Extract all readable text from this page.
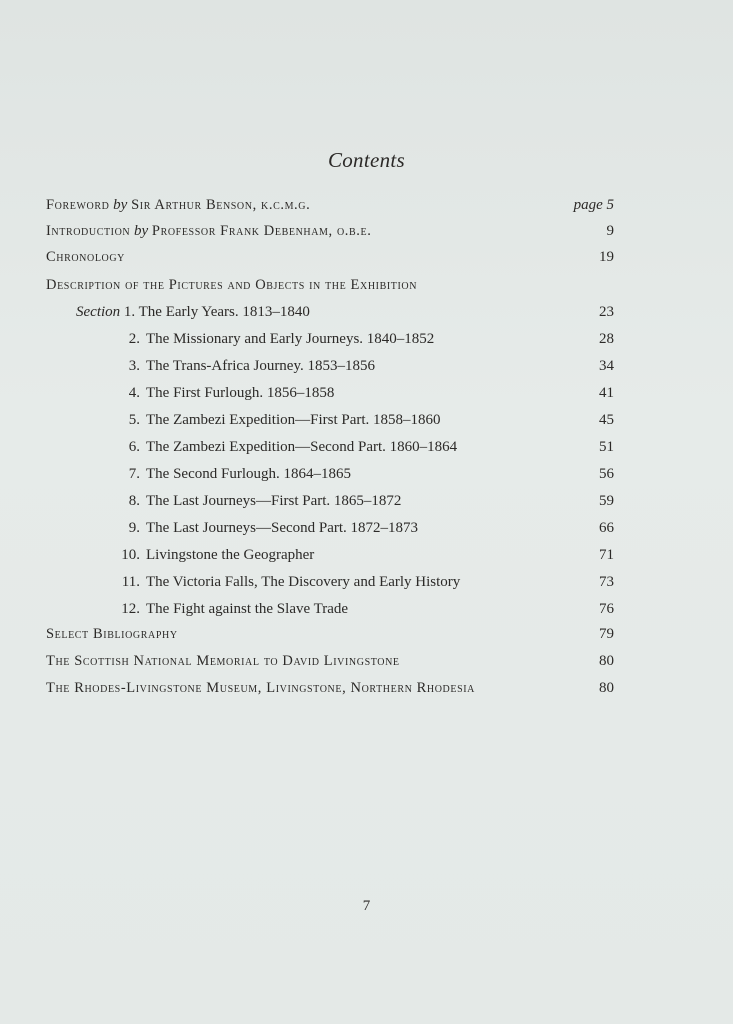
Contents
Foreword by Sir Arthur Benson, k.c.m.g.	page 5
Introduction by Professor Frank Debenham, o.b.e.	9
Chronology	19
Description of the Pictures and Objects in the Exhibition
Section 1. The Early Years. 1813–1840	23
2. The Missionary and Early Journeys. 1840–1852	28
3. The Trans-Africa Journey. 1853–1856	34
4. The First Furlough. 1856–1858	41
5. The Zambezi Expedition—First Part. 1858–1860	45
6. The Zambezi Expedition—Second Part. 1860–1864	51
7. The Second Furlough. 1864–1865	56
8. The Last Journeys—First Part. 1865–1872	59
9. The Last Journeys—Second Part. 1872–1873	66
10. Livingstone the Geographer	71
11. The Victoria Falls, The Discovery and Early History	73
12. The Fight against the Slave Trade	76
Select Bibliography	79
The Scottish National Memorial to David Livingstone	80
The Rhodes-Livingstone Museum, Livingstone, Northern Rhodesia	80
7
